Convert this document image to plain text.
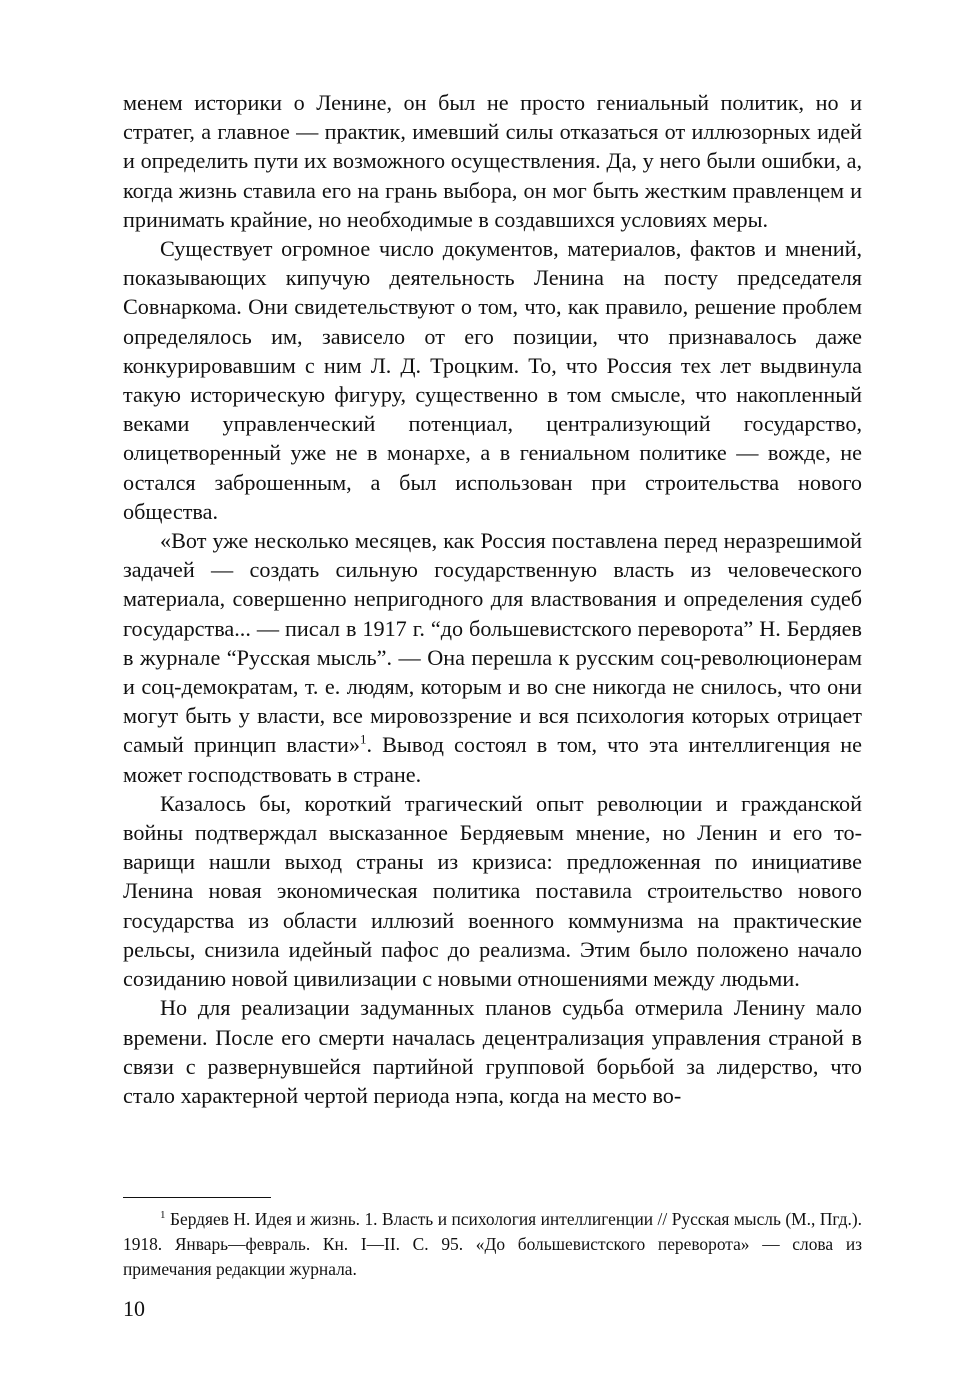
менем историки о Ленине, он был не просто гениальный политик, но и стратег, а главное — практик, имевший силы отказаться от иллюзорных идей и определить пути их возможного осуществления. Да, у него были ошибки, а, когда жизнь ставила его на грань выбора, он мог быть жестким правленцем и принимать крайние, но необходимые в создавшихся условиях меры.

Существует огромное число документов, материалов, фактов и мнений, показывающих кипучую деятельность Ленина на посту председателя Совнаркома. Они свидетельствуют о том, что, как правило, решение проблем определялось им, зависело от его позиции, что признавалось даже конкурировавшим с ним Л. Д. Троцким. То, что Россия тех лет выдвинула такую историческую фигуру, существенно в том смысле, что накопленный веками управленческий потенциал, централизующий государство, олицетворенный уже не в монархе, а в гениальном политике — вожде, не остался заброшенным, а был использован при строительства нового общества.

«Вот уже несколько месяцев, как Россия поставлена перед неразрешимой задачей — создать сильную государственную власть из человеческого материала, совершенно непригодного для властвования и определения судеб государства... — писал в 1917 г. “до большевистского переворота” Н. Бердяев в журнале “Русская мысль”. — Она перешла к русским соц-революционерам и соц-демократам, т. е. людям, которым и во сне никогда не снилось, что они могут быть у власти, все мировоззрение и вся психология которых отрицает самый принцип власти»$^1$. Вывод состоял в том, что эта интеллигенция не может господствовать в стране.

Казалось бы, короткий трагический опыт революции и гражданской войны подтверждал высказанное Бердяевым мнение, но Ленин и его товарищи нашли выход страны из кризиса: предложенная по инициативе Ленина новая экономическая политика поставила строительство нового государства из области иллюзий военного коммунизма на практические рельсы, снизила идейный пафос до реализма. Этим было положено начало созиданию новой цивилизации с новыми отношениями между людьми.

Но для реализации задуманных планов судьба отмерила Ленину мало времени. После его смерти началась децентрализация управления страной в связи с развернувшейся партийной групповой борьбой за лидерство, что стало характерной чертой периода нэпа, когда на место во-

$^1$ Бердяев Н. Идея и жизнь. 1. Власть и психология интеллигенции // Русская мысль (М., Пгд.). 1918. Январь—февраль. Кн. I—II. С. 95. «До большевистского переворота» — слова из примечания редакции журнала.

10
